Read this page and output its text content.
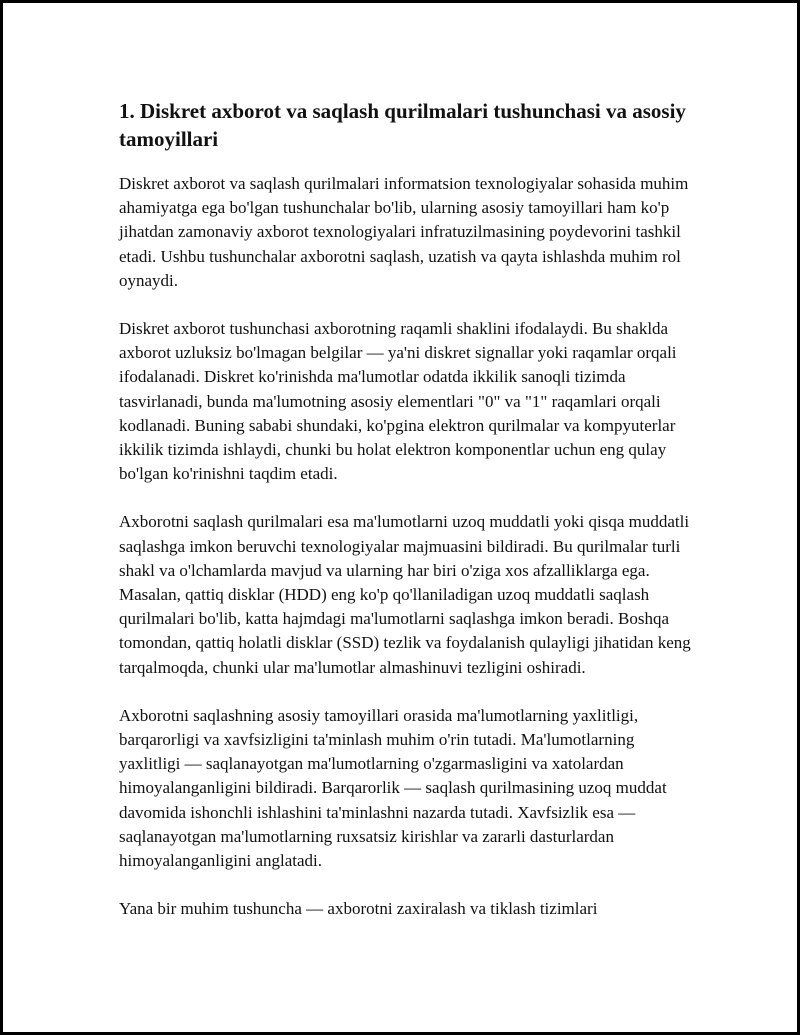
1. Diskret axborot va saqlash qurilmalari tushunchasi va asosiy tamoyillari

Diskret axborot va saqlash qurilmalari informatsion texnologiyalar sohasida muhim ahamiyatga ega bo'lgan tushunchalar bo'lib, ularning asosiy tamoyillari ham ko'p jihatdan zamonaviy axborot texnologiyalari infratuzilmasining poydevorini tashkil etadi. Ushbu tushunchalar axborotni saqlash, uzatish va qayta ishlashda muhim rol oynaydi.

Diskret axborot tushunchasi axborotning raqamli shaklini ifodalaydi. Bu shaklda axborot uzluksiz bo'lmagan belgilar — ya'ni diskret signallar yoki raqamlar orqali ifodalanadi. Diskret ko'rinishda ma'lumotlar odatda ikkilik sanoqli tizimda tasvirlanadi, bunda ma'lumotning asosiy elementlari "0" va "1" raqamlari orqali kodlanadi. Buning sababi shundaki, ko'pgina elektron qurilmalar va kompyuterlar ikkilik tizimda ishlaydi, chunki bu holat elektron komponentlar uchun eng qulay bo'lgan ko'rinishni taqdim etadi.

Axborotni saqlash qurilmalari esa ma'lumotlarni uzoq muddatli yoki qisqa muddatli saqlashga imkon beruvchi texnologiyalar majmuasini bildiradi. Bu qurilmalar turli shakl va o'lchamlarda mavjud va ularning har biri o'ziga xos afzalliklarga ega. Masalan, qattiq disklar (HDD) eng ko'p qo'llaniladigan uzoq muddatli saqlash qurilmalari bo'lib, katta hajmdagi ma'lumotlarni saqlashga imkon beradi. Boshqa tomondan, qattiq holatli disklar (SSD) tezlik va foydalanish qulayligi jihatidan keng tarqalmoqda, chunki ular ma'lumotlar almashinuvi tezligini oshiradi.

Axborotni saqlashning asosiy tamoyillari orasida ma'lumotlarning yaxlitligi, barqarorligi va xavfsizligini ta'minlash muhim o'rin tutadi. Ma'lumotlarning yaxlitligi — saqlanayotgan ma'lumotlarning o'zgarmasligini va xatolardan himoyalanganligini bildiradi. Barqarorlik — saqlash qurilmasining uzoq muddat davomida ishonchli ishlashini ta'minlashni nazarda tutadi. Xavfsizlik esa — saqlanayotgan ma'lumotlarning ruxsatsiz kirishlar va zararli dasturlardan himoyalanganligini anglatadi.

Yana bir muhim tushuncha — axborotni zaxiralash va tiklash tizimlari
